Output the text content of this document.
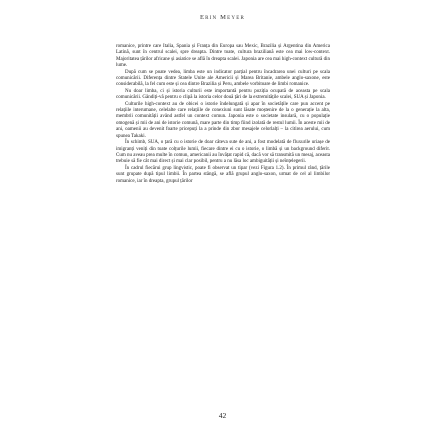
Erin Meyer

romanice, printre care Italia, Spania și Franța din Europa sau Mexic, Brazilia și Argentina din America Latină, sunt în centrul scalei, spre dreapta. Dintre toate, cultura braziliană este cea mai low-context. Majoritatea țărilor africane și asiatice se află în dreapta scalei. Japonia are cea mai high-context cultură din lume.

După cum se poate vedea, limba este un indicator parțial pentru încadrarea unei culturi pe scala comunicării. Diferența dintre Statele Unite ale Americii și Marea Britanie, ambele anglo-saxone, este considerabilă, la fel cum este și cea dintre Brazilia și Peru, ambele vorbitoare de limbi romanice.

Nu doar limba, ci și istoria culturii este importantă pentru poziția ocupată de aceasta pe scala comunicării. Gândiți-vă pentru o clipă la istoria celor două țări de la extremitățile scalei, SUA și Japonia.

Culturile high-context au de obicei o istorie îndelungată și apar în societățile care pun accent pe relațiile interumane, celelalte care relațiile de conexiuni sunt lăsate moștenire de la o generație la alta, membrii comunității având astfel un context comun. Japonia este o societate insulară, cu o populație omogenă și mii de ani de istorie comună, mare parte din timp fiind izolată de restul lumii. În aceste mii de ani, oamenii au devenit foarte pricepuți la a prinde din zbor mesajele celorlalți – la citirea aerului, cum spunea Takaki.

În schimb, SUA, o țară cu o istorie de doar câteva sute de ani, a fost modelată de fluxurile uriașe de imigranți veniți din toate colțurile lumii, fiecare dintre ei cu o istorie, o limbă și un background diferit. Cum nu aveau prea multe în comun, americanii au învățat rapid că, dacă vor să transmită un mesaj, aceasta trebuie să fie cât mai direct și mai clar posibil, pentru a nu lăsa loc ambiguității și neînțelegerii.

În cadrul fiecărui grup lingvistic, poate fi observat un tipar (vezi Figura 1.2). În primul rând, țările sunt grupate după tipul limbii. În partea stângă, se află grupul anglo-saxon, urmat de cel al limbilor romanice, iar în dreapta, grupul țărilor

42
